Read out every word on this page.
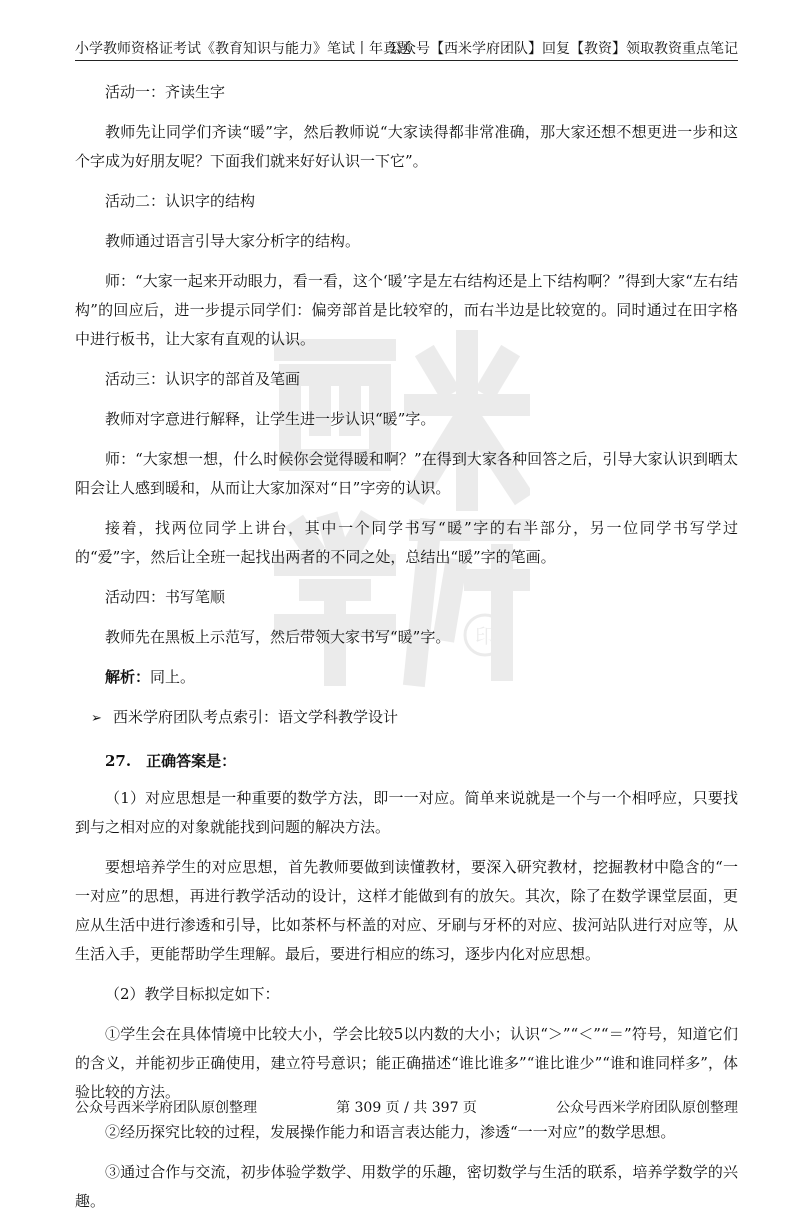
小学教师资格证考试《教育知识与能力》笔试丨年真题
公众号【西米学府团队】回复【教资】领取教资重点笔记
印

活动一：齐读生字

教师先让同学们齐读“暖”字，然后教师说“大家读得都非常准确，那大家还想不想更进一步和这个字成为好朋友呢？下面我们就来好好认识一下它”。

活动二：认识字的结构

教师通过语言引导大家分析字的结构。

师：“大家一起来开动眼力，看一看，这个‘暖’字是左右结构还是上下结构啊？”得到大家“左右结构”的回应后，进一步提示同学们：偏旁部首是比较窄的，而右半边是比较宽的。同时通过在田字格中进行板书，让大家有直观的认识。

活动三：认识字的部首及笔画

教师对字意进行解释，让学生进一步认识“暖”字。

师：“大家想一想，什么时候你会觉得暖和啊？”在得到大家各种回答之后，引导大家认识到晒太阳会让人感到暖和，从而让大家加深对“日”字旁的认识。

接着，找两位同学上讲台，其中一个同学书写“暖”字的右半部分，另一位同学书写学过的“爱”字，然后让全班一起找出两者的不同之处，总结出“暖”字的笔画。

活动四：书写笔顺

教师先在黑板上示范写，然后带领大家书写“暖”字。

解析：同上。

➢ 西米学府团队考点索引：语文学科教学设计

27.　正确答案是：

（1）对应思想是一种重要的数学方法，即一一对应。简单来说就是一个与一个相呼应，只要找到与之相对应的对象就能找到问题的解决方法。

要想培养学生的对应思想，首先教师要做到读懂教材，要深入研究教材，挖掘教材中隐含的“一一对应”的思想，再进行教学活动的设计，这样才能做到有的放矢。其次，除了在数学课堂层面，更应从生活中进行渗透和引导，比如茶杯与杯盖的对应、牙刷与牙杯的对应、拔河站队进行对应等，从生活入手，更能帮助学生理解。最后，要进行相应的练习，逐步内化对应思想。

（2）教学目标拟定如下：

①学生会在具体情境中比较大小，学会比较5以内数的大小；认识“＞”“＜”“＝”符号，知道它们的含义，并能初步正确使用，建立符号意识；能正确描述“谁比谁多”“谁比谁少”“谁和谁同样多”，体验比较的方法。

②经历探究比较的过程，发展操作能力和语言表达能力，渗透“一一对应”的数学思想。

③通过合作与交流，初步体验学数学、用数学的乐趣，密切数学与生活的联系，培养学数学的兴趣。

公众号西米学府团队原创整理	第 309 页 / 共 397 页	公众号西米学府团队原创整理
